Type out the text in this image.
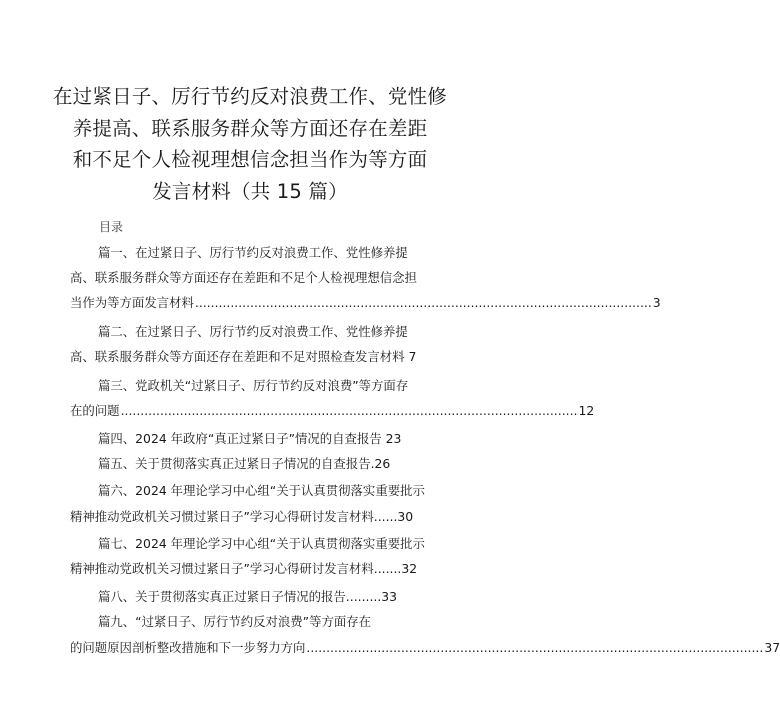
在过紧日子、厉行节约反对浪费工作、党性修
养提高、联系服务群众等方面还存在差距
和不足个人检视理想信念担当作为等方面
发言材料（共 15 篇）
目录
篇一、在过紧日子、厉行节约反对浪费工作、党性修养提
高、联系服务群众等方面还存在差距和不足个人检视理想信念担
当作为等方面发言材料 .................................................................................................................... 3
篇二、在过紧日子、厉行节约反对浪费工作、党性修养提
高、联系服务群众等方面还存在差距和不足对照检查发言材料 7
篇三、党政机关“过紧日子、厉行节约反对浪费”等方面存
在的问题 .................................................................................................................... 12
篇四、2024 年政府“真正过紧日子”情况的自查报告 23
篇五、关于贯彻落实真正过紧日子情况的自查报告.26
篇六、2024 年理论学习中心组“关于认真贯彻落实重要批示
精神推动党政机关习惯过紧日子”学习心得研讨发言材料......30
篇七、2024 年理论学习中心组“关于认真贯彻落实重要批示
精神推动党政机关习惯过紧日子”学习心得研讨发言材料.......32
篇八、关于贯彻落实真正过紧日子情况的报告.........33
篇九、“过紧日子、厉行节约反对浪费”等方面存在
的问题原因剖析整改措施和下一步努力方向 .................................................................................................................... 37
